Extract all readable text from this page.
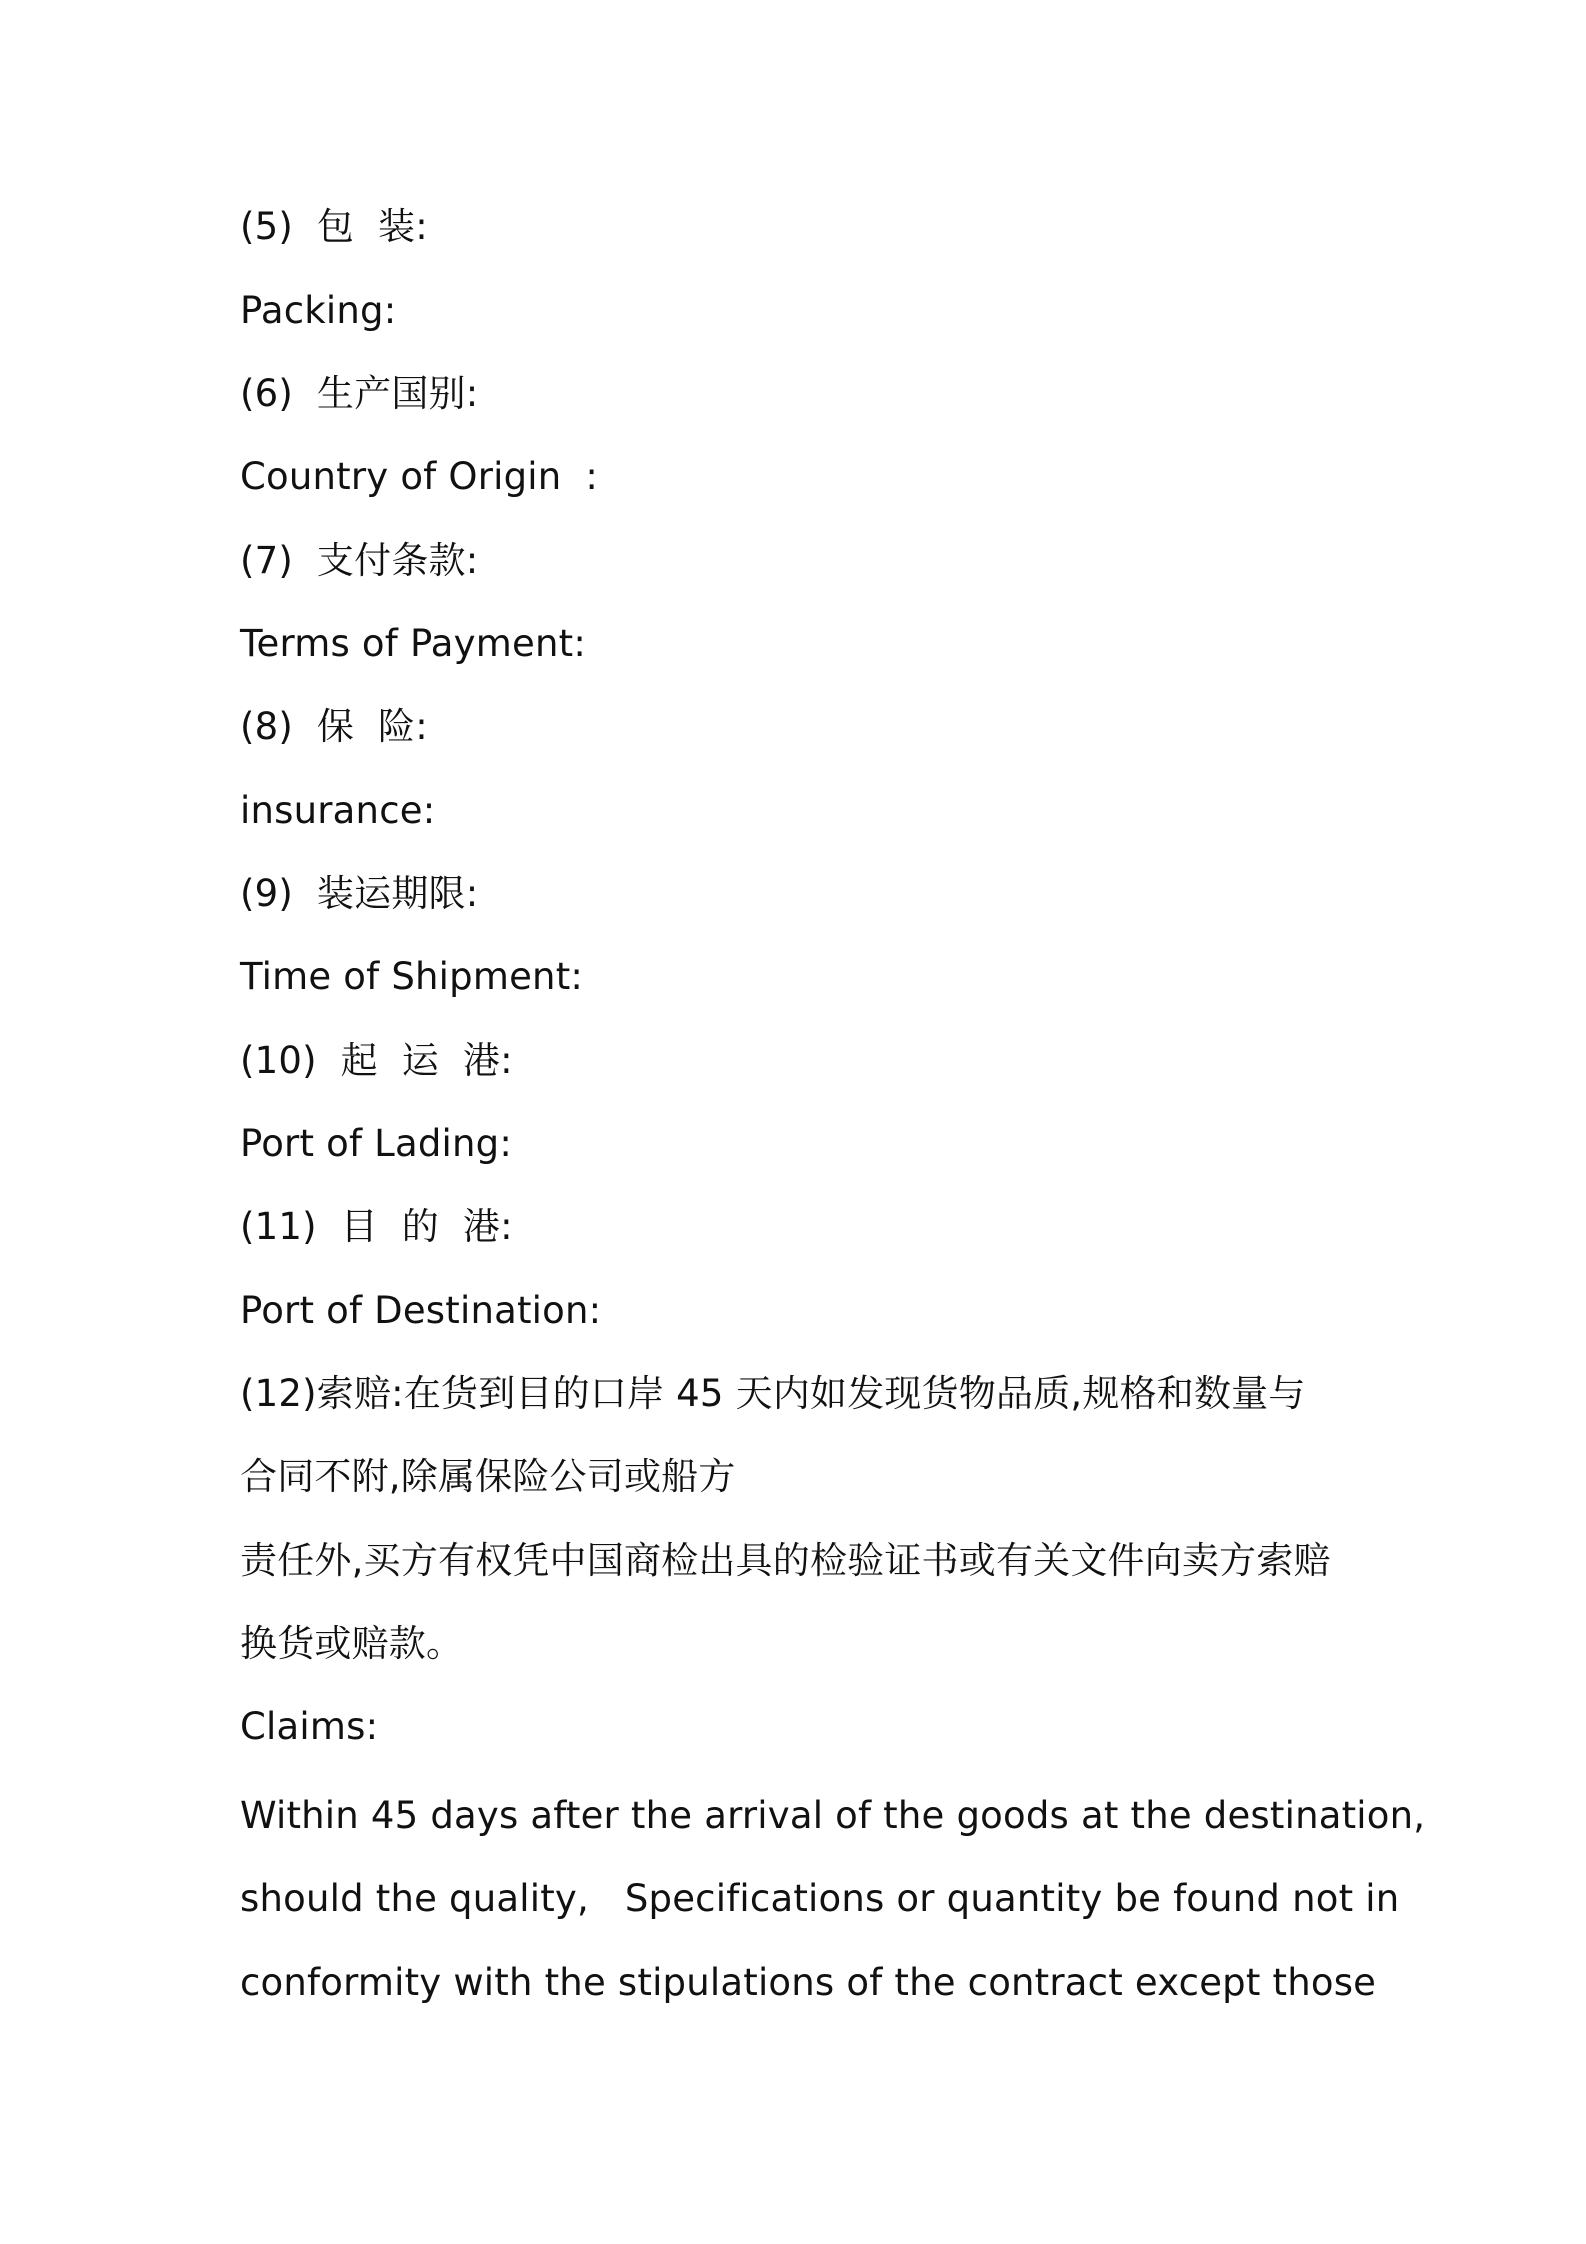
(5)  包  装:
Packing:
(6)  生产国别:
Country of Origin  :
(7)  支付条款:
Terms of Payment:
(8)  保  险:
insurance:
(9)  装运期限:
Time of Shipment:
(10)  起  运  港:
Port of Lading:
(11)  目  的  港:
Port of Destination:
(12)索赔:在货到目的口岸 45 天内如发现货物品质,规格和数量与
合同不附,除属保险公司或船方
责任外,买方有权凭中国商检出具的检验证书或有关文件向卖方索赔
换货或赔款。
Claims:
Within 45 days after the arrival of the goods at the destination,
should the quality,   Specifications or quantity be found not in
conformity with the stipulations of the contract except those
